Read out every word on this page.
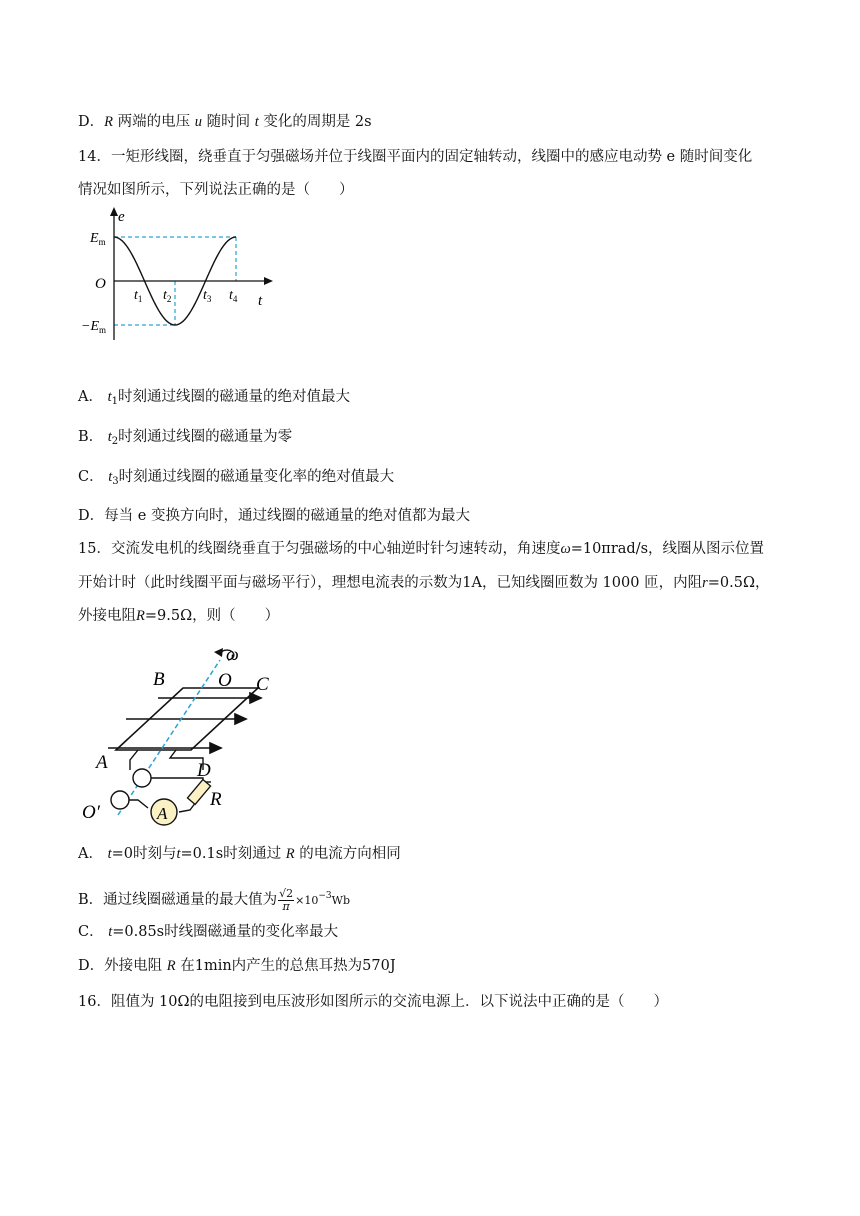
D．R 两端的电压 u 随时间 t 变化的周期是 2s
14．一矩形线圈，绕垂直于匀强磁场并位于线圈平面内的固定轴转动，线圈中的感应电动势 e 随时间变化
情况如图所示，下列说法正确的是（　　）
e
t
O
$E_m$
$-E_m$
$t_1$ $t_2$ $t_3$ $t_4$
A． $t_1$时刻通过线圈的磁通量的绝对值最大
B． $t_2$时刻通过线圈的磁通量为零
C． $t_3$时刻通过线圈的磁通量变化率的绝对值最大
D．每当 e 变换方向时，通过线圈的磁通量的绝对值都为最大
15．交流发电机的线圈绕垂直于匀强磁场的中心轴逆时针匀速转动，角速度ω=10πrad/s，线圈从图示位置
开始计时（此时线圈平面与磁场平行），理想电流表的示数为1A，已知线圈匝数为 1000 匝，内阻r=0.5Ω，
外接电阻R=9.5Ω，则（　　）
ω
B	O C
A	D
O′	A
R
A． t=0时刻与t=0.1s时刻通过 R 的电流方向相同
B．通过线圈磁通量的最大值为 $\frac{√2}{\pi} \times 10^{-3}Wb$
C． t=0.85s时线圈磁通量的变化率最大
D．外接电阻 R 在1min内产生的总焦耳热为570J
16．阻值为 10Ω的电阻接到电压波形如图所示的交流电源上．以下说法中正确的是（　　）
